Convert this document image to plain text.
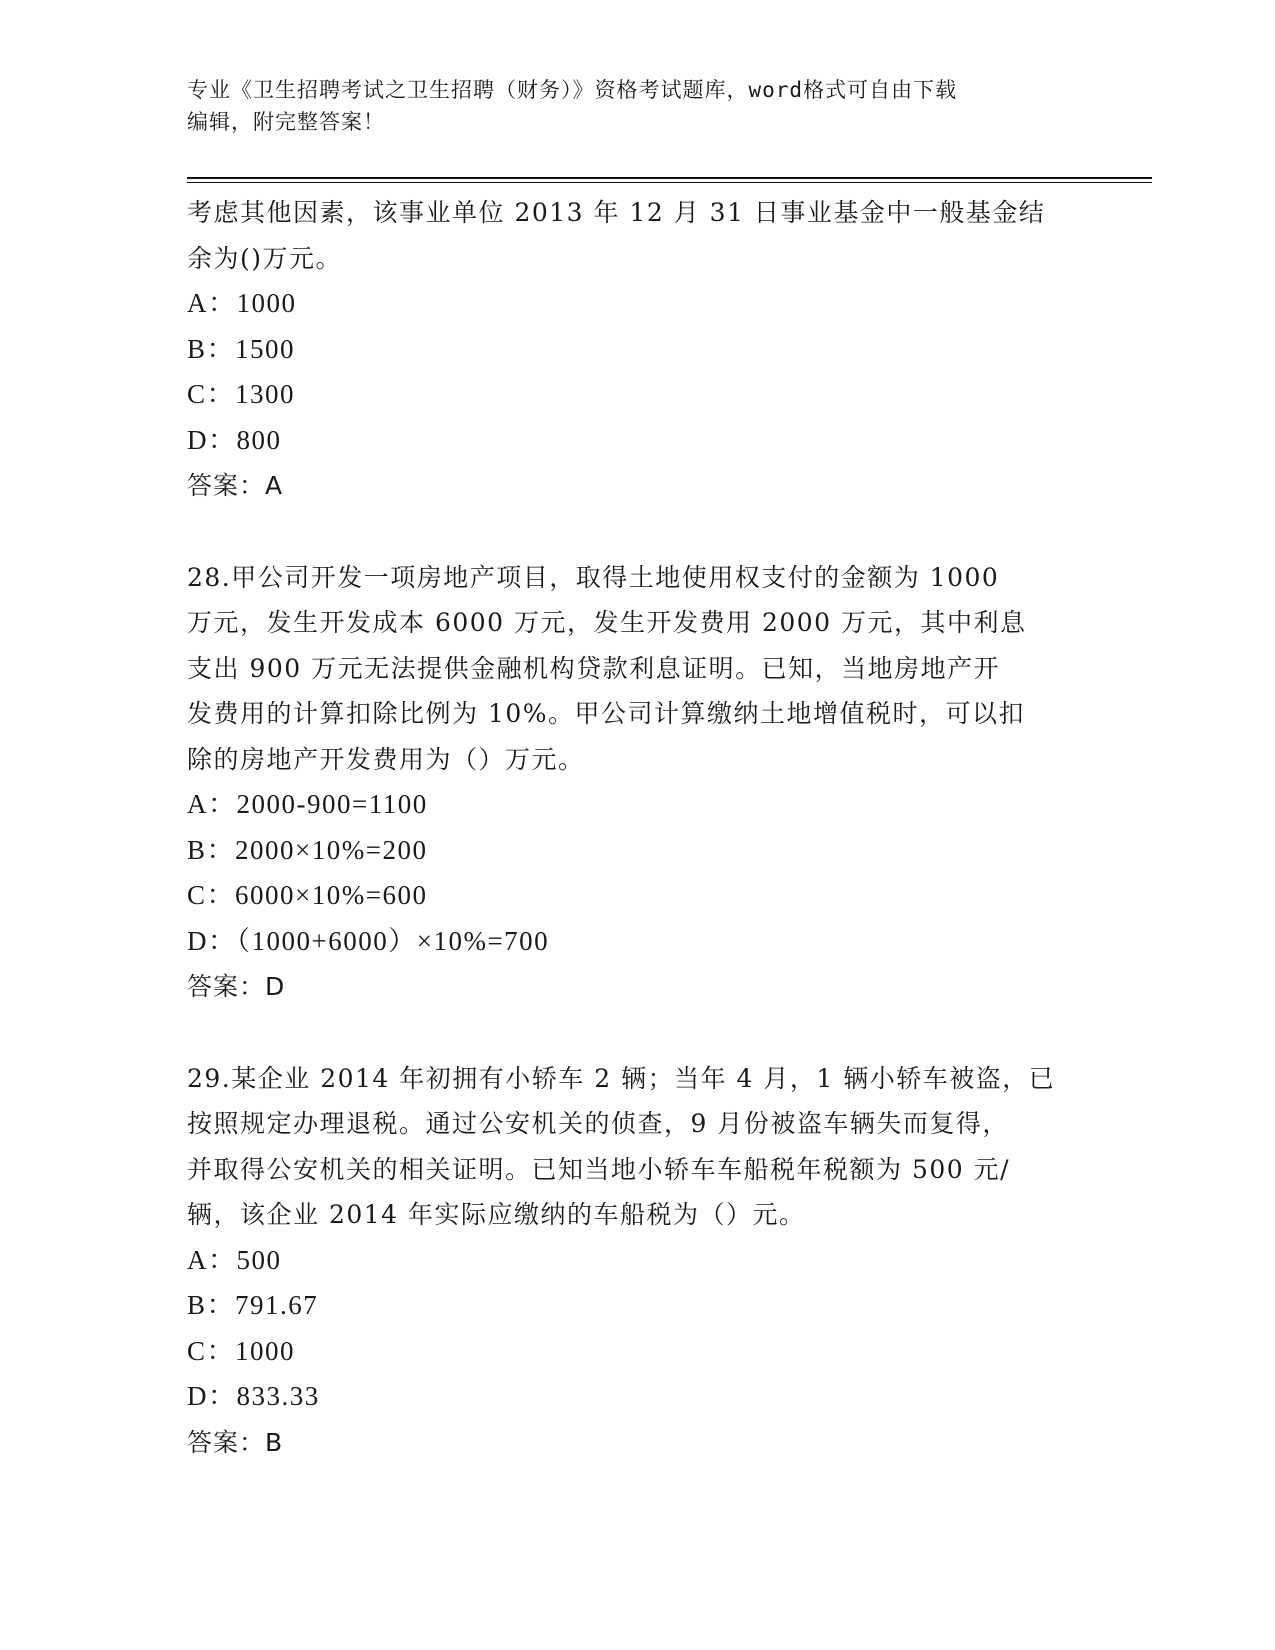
专业《卫生招聘考试之卫生招聘（财务）》资格考试题库，word格式可自由下载
编辑，附完整答案！

考虑其他因素，该事业单位 2013 年 12 月 31 日事业基金中一般基金结

余为()万元。

A：1000

B：1500

C：1300

D：800

答案：A

28.甲公司开发一项房地产项目，取得土地使用权支付的金额为 1000

万元，发生开发成本 6000 万元，发生开发费用 2000 万元，其中利息

支出 900 万元无法提供金融机构贷款利息证明。已知，当地房地产开

发费用的计算扣除比例为 10%。甲公司计算缴纳土地增值税时，可以扣

除的房地产开发费用为（）万元。

A：2000-900=1100

B：2000×10%=200

C：6000×10%=600

D：（1000+6000）×10%=700

答案：D

29.某企业 2014 年初拥有小轿车 2 辆；当年 4 月，1 辆小轿车被盗，已

按照规定办理退税。通过公安机关的侦查，9 月份被盗车辆失而复得，

并取得公安机关的相关证明。已知当地小轿车车船税年税额为 500 元/

辆，该企业 2014 年实际应缴纳的车船税为（）元。

A：500

B：791.67

C：1000

D：833.33

答案：B
